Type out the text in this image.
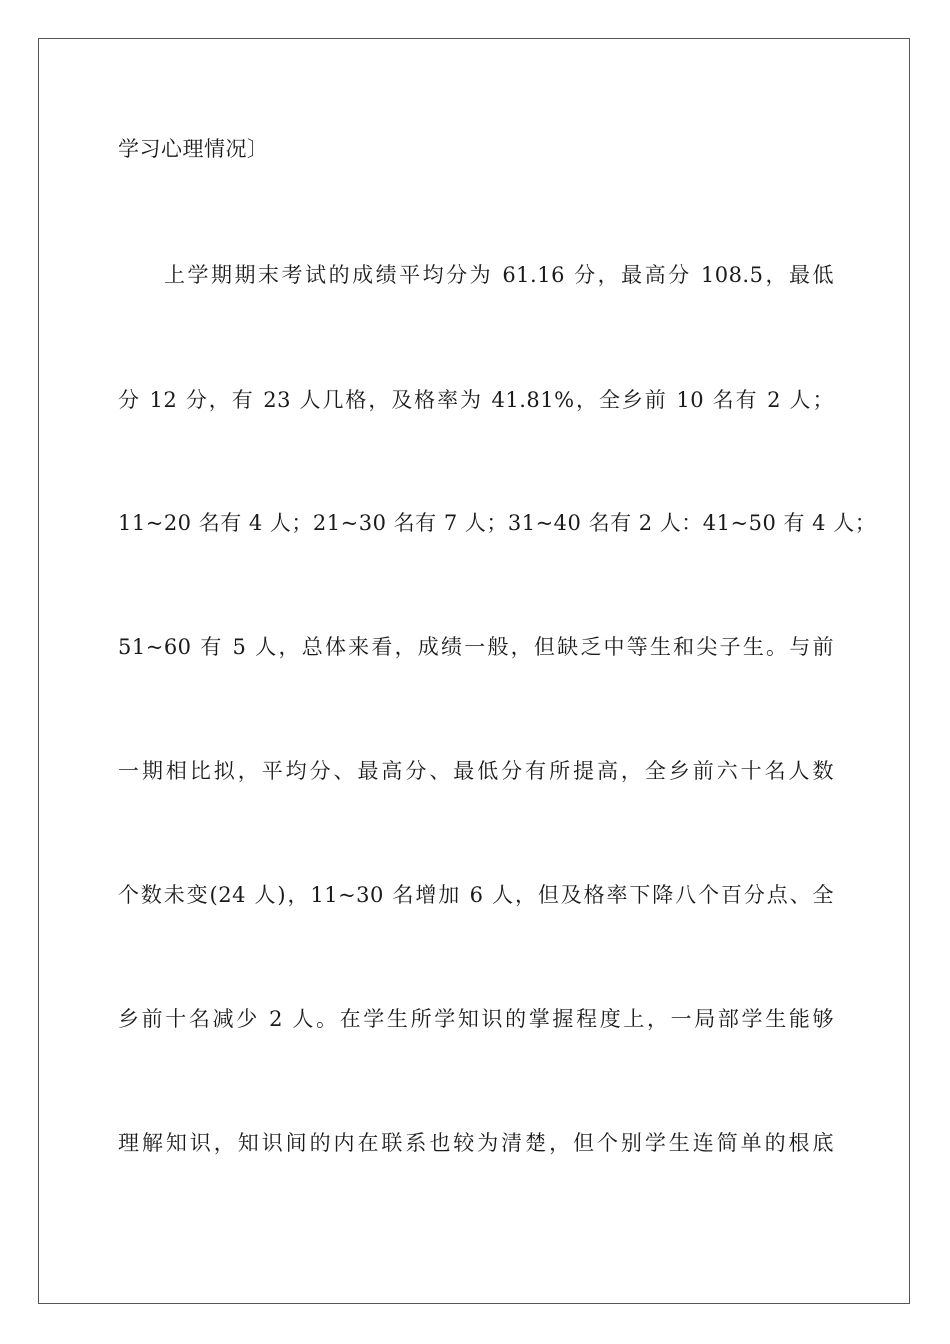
学习心理情况〕

上学期期末考试的成绩平均分为 61.16 分，最高分 108.5，最低

分 12 分，有 23 人几格，及格率为 41.81%，全乡前 10 名有 2 人；

11~20 名有 4 人；21~30 名有 7 人；31~40 名有 2 人：41~50 有 4 人；

51~60 有 5 人，总体来看，成绩一般，但缺乏中等生和尖子生。与前

一期相比拟，平均分、最高分、最低分有所提高，全乡前六十名人数

个数未变(24 人)，11~30 名增加 6 人，但及格率下降八个百分点、全

乡前十名减少 2 人。在学生所学知识的掌握程度上，一局部学生能够

理解知识，知识间的内在联系也较为清楚，但个别学生连简单的根底
